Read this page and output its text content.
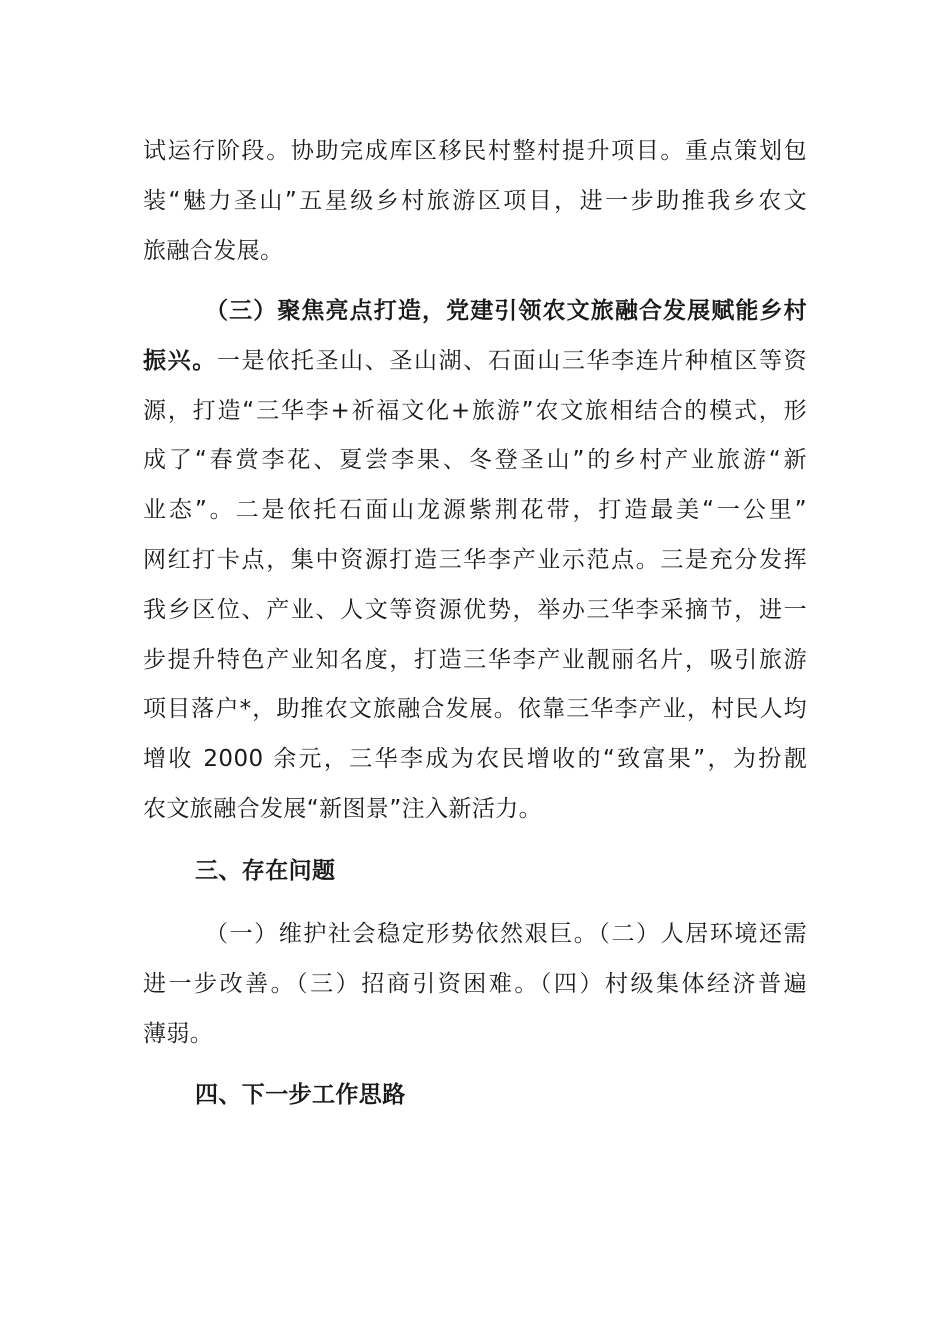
试运行阶段。协助完成库区移民村整村提升项目。重点策划包
装“魅力圣山”五星级乡村旅游区项目，进一步助推我乡农文
旅融合发展。
（三）聚焦亮点打造，党建引领农文旅融合发展赋能乡村
振兴。一是依托圣山、圣山湖、石面山三华李连片种植区等资
源，打造“三华李+祈福文化+旅游”农文旅相结合的模式，形
成了“春赏李花、夏尝李果、冬登圣山”的乡村产业旅游“新
业态”。二是依托石面山龙源紫荆花带，打造最美“一公里”
网红打卡点，集中资源打造三华李产业示范点。三是充分发挥
我乡区位、产业、人文等资源优势，举办三华李采摘节，进一
步提升特色产业知名度，打造三华李产业靓丽名片，吸引旅游
项目落户*，助推农文旅融合发展。依靠三华李产业，村民人均
增收 2000 余元，三华李成为农民增收的“致富果”，为扮靓
农文旅融合发展“新图景”注入新活力。
三、存在问题
（一）维护社会稳定形势依然艰巨。（二）人居环境还需
进一步改善。（三）招商引资困难。（四）村级集体经济普遍
薄弱。
四、下一步工作思路
